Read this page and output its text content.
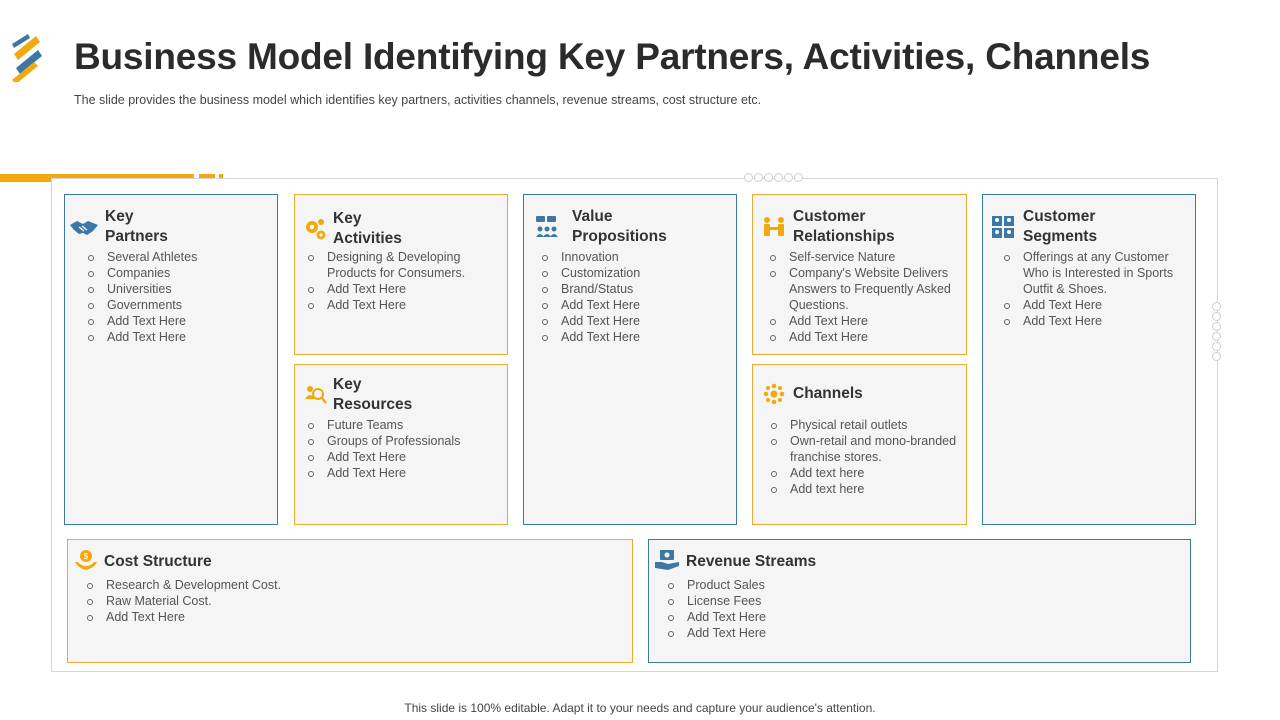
Business Model Identifying Key Partners, Activities, Channels
The slide provides the business model which identifies key partners, activities channels, revenue streams, cost structure etc.
Key
Partners
Several Athletes
Companies
Universities
Governments
Add Text Here
Add Text Here
Key
Activities
Designing & Developing Products for Consumers.
Add Text Here
Add Text Here
Key
Resources
Future Teams
Groups of Professionals
Add Text Here
Add Text Here
Value
Propositions
Innovation
Customization
Brand/Status
Add Text Here
Add Text Here
Add Text Here
Customer
Relationships
Self-service Nature
Company's Website Delivers Answers to Frequently Asked Questions.
Add Text Here
Add Text Here
Channels
Physical retail outlets
Own-retail and mono-branded franchise stores.
Add text here
Add text here
Customer
Segments
Offerings at any Customer Who is Interested in Sports Outfit & Shoes.
Add Text Here
Add Text Here
$ Cost Structure
Research & Development Cost.
Raw Material Cost.
Add Text Here
Revenue Streams
Product Sales
License Fees
Add Text Here
Add Text Here
This slide is 100% editable. Adapt it to your needs and capture your audience's attention.
